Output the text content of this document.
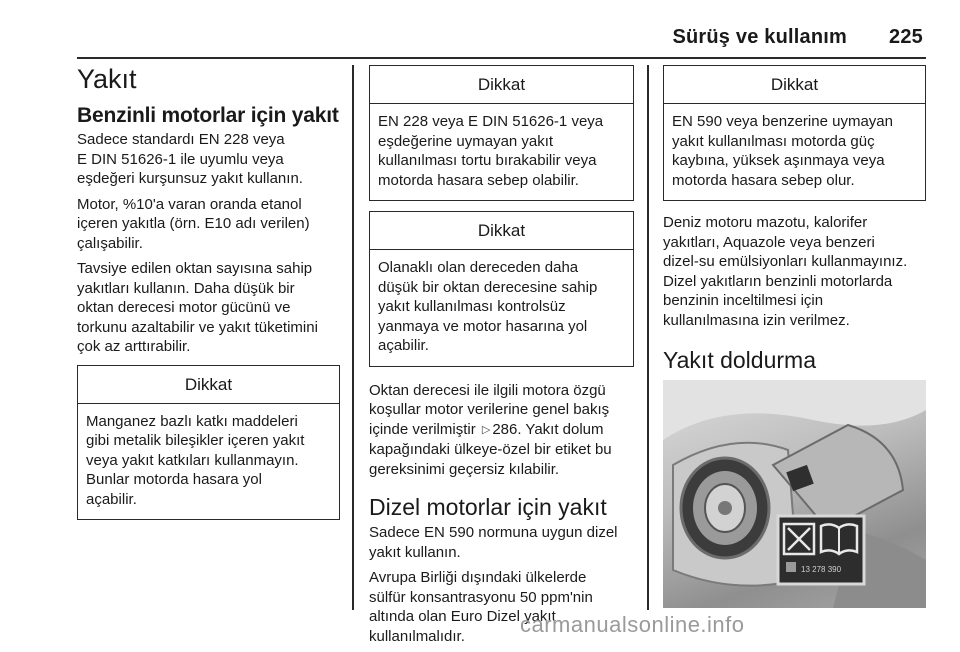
Sürüş ve kullanım 225
Yakıt
Benzinli motorlar için yakıt

Sadece standardı EN 228 veya
E DIN 51626-1 ile uyumlu veya
eşdeğeri kurşunsuz yakıt kullanın.

Motor, %10'a varan oranda etanol
içeren yakıtla (örn. E10 adı verilen)
çalışabilir.

Tavsiye edilen oktan sayısına sahip
yakıtları kullanın. Daha düşük bir
oktan derecesi motor gücünü ve
torkunu azaltabilir ve yakıt tüketimini
çok az arttırabilir.

Dikkat
Manganez bazlı katkı maddeleri
gibi metalik bileşikler içeren yakıt
veya yakıt katkıları kullanmayın.
Bunlar motorda hasara yol
açabilir.
Dikkat
EN 228 veya E DIN 51626-1 veya
eşdeğerine uymayan yakıt
kullanılması tortu bırakabilir veya
motorda hasara sebep olabilir.
Dikkat
Olanaklı olan dereceden daha
düşük bir oktan derecesine sahip
yakıt kullanılması kontrolsüz
yanmaya ve motor hasarına yol
açabilir.

Oktan derecesi ile ilgili motora özgü
koşullar motor verilerine genel bakış
içinde verilmiştir ▷ 286. Yakıt dolum
kapağındaki ülkeye-özel bir etiket bu
gereksinimi geçersiz kılabilir.

Dizel motorlar için yakıt

Sadece EN 590 normuna uygun dizel
yakıt kullanın.

Avrupa Birliği dışındaki ülkelerde
sülfür konsantrasyonu 50 ppm'nin
altında olan Euro Dizel yakıt
kullanılmalıdır.

Dikkat
EN 590 veya benzerine uymayan
yakıt kullanılması motorda güç
kaybına, yüksek aşınmaya veya
motorda hasara sebep olur.

Deniz motoru mazotu, kalorifer
yakıtları, Aquazole veya benzeri
dizel-su emülsiyonları kullanmayınız.
Dizel yakıtların benzinli motorlarda
benzinin inceltilmesi için
kullanılmasına izin verilmez.

Yakıt doldurma
13 278 390
carmanualsonline.info
